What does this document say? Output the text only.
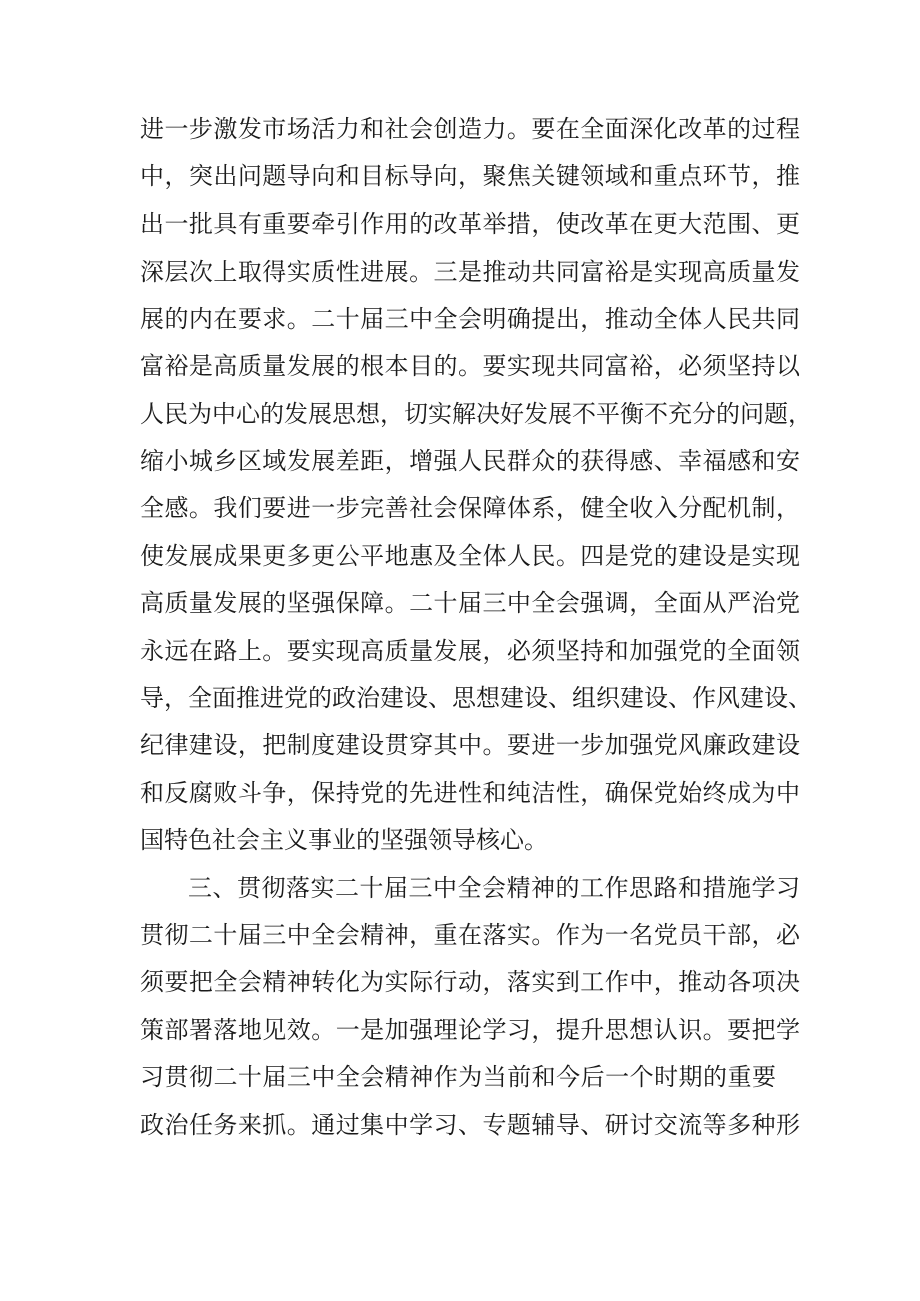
进一步激发市场活力和社会创造力。要在全面深化改革的过程
中，突出问题导向和目标导向，聚焦关键领域和重点环节，推
出一批具有重要牵引作用的改革举措，使改革在更大范围、更
深层次上取得实质性进展。三是推动共同富裕是实现高质量发
展的内在要求。二十届三中全会明确提出，推动全体人民共同
富裕是高质量发展的根本目的。要实现共同富裕，必须坚持以
人民为中心的发展思想，切实解决好发展不平衡不充分的问题，
缩小城乡区域发展差距，增强人民群众的获得感、幸福感和安
全感。我们要进一步完善社会保障体系，健全收入分配机制，
使发展成果更多更公平地惠及全体人民。四是党的建设是实现
高质量发展的坚强保障。二十届三中全会强调，全面从严治党
永远在路上。要实现高质量发展，必须坚持和加强党的全面领
导，全面推进党的政治建设、思想建设、组织建设、作风建设、
纪律建设，把制度建设贯穿其中。要进一步加强党风廉政建设
和反腐败斗争，保持党的先进性和纯洁性，确保党始终成为中
国特色社会主义事业的坚强领导核心。
三、贯彻落实二十届三中全会精神的工作思路和措施学习
贯彻二十届三中全会精神，重在落实。作为一名党员干部，必
须要把全会精神转化为实际行动，落实到工作中，推动各项决
策部署落地见效。一是加强理论学习，提升思想认识。要把学
习贯彻二十届三中全会精神作为当前和今后一个时期的重要
政治任务来抓。通过集中学习、专题辅导、研讨交流等多种形
